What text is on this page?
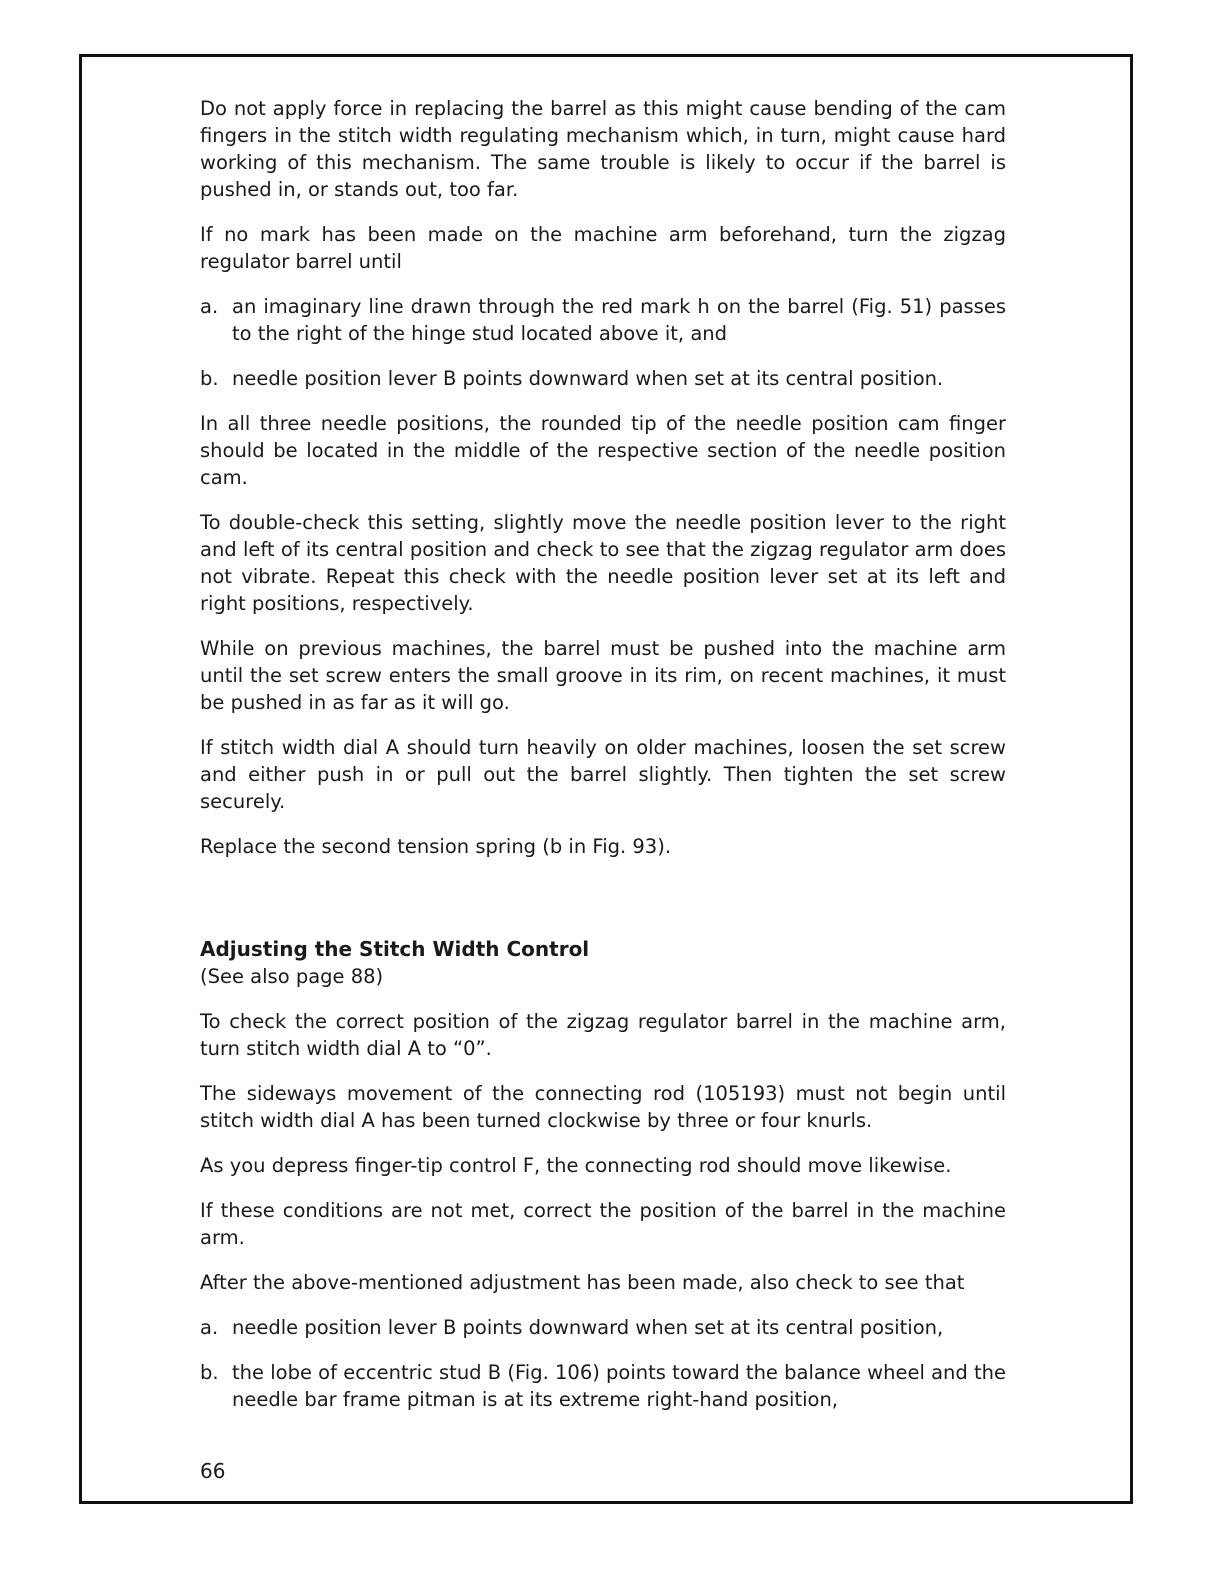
Do not apply force in replacing the barrel as this might cause bending of the cam fingers in the stitch width regulating mechanism which, in turn, might cause hard working of this mechanism. The same trouble is likely to occur if the barrel is pushed in, or stands out, too far.

If no mark has been made on the machine arm beforehand, turn the zigzag regulator barrel until

a. an imaginary line drawn through the red mark h on the barrel (Fig. 51) passes to the right of the hinge stud located above it, and
b. needle position lever B points downward when set at its central position.

In all three needle positions, the rounded tip of the needle position cam finger should be located in the middle of the respective section of the needle position cam.

To double-check this setting, slightly move the needle position lever to the right and left of its central position and check to see that the zigzag regulator arm does not vibrate. Repeat this check with the needle position lever set at its left and right positions, respectively.

While on previous machines, the barrel must be pushed into the machine arm until the set screw enters the small groove in its rim, on recent machines, it must be pushed in as far as it will go.

If stitch width dial A should turn heavily on older machines, loosen the set screw and either push in or pull out the barrel slightly. Then tighten the set screw securely.

Replace the second tension spring (b in Fig. 93).

Adjusting the Stitch Width Control
(See also page 88)

To check the correct position of the zigzag regulator barrel in the machine arm, turn stitch width dial A to “0”.

The sideways movement of the connecting rod (105193) must not begin until stitch width dial A has been turned clockwise by three or four knurls.

As you depress finger-tip control F, the connecting rod should move likewise.

If these conditions are not met, correct the position of the barrel in the machine arm.

After the above-mentioned adjustment has been made, also check to see that

a. needle position lever B points downward when set at its central position,
b. the lobe of eccentric stud B (Fig. 106) points toward the balance wheel and the needle bar frame pitman is at its extreme right-hand position,
66
